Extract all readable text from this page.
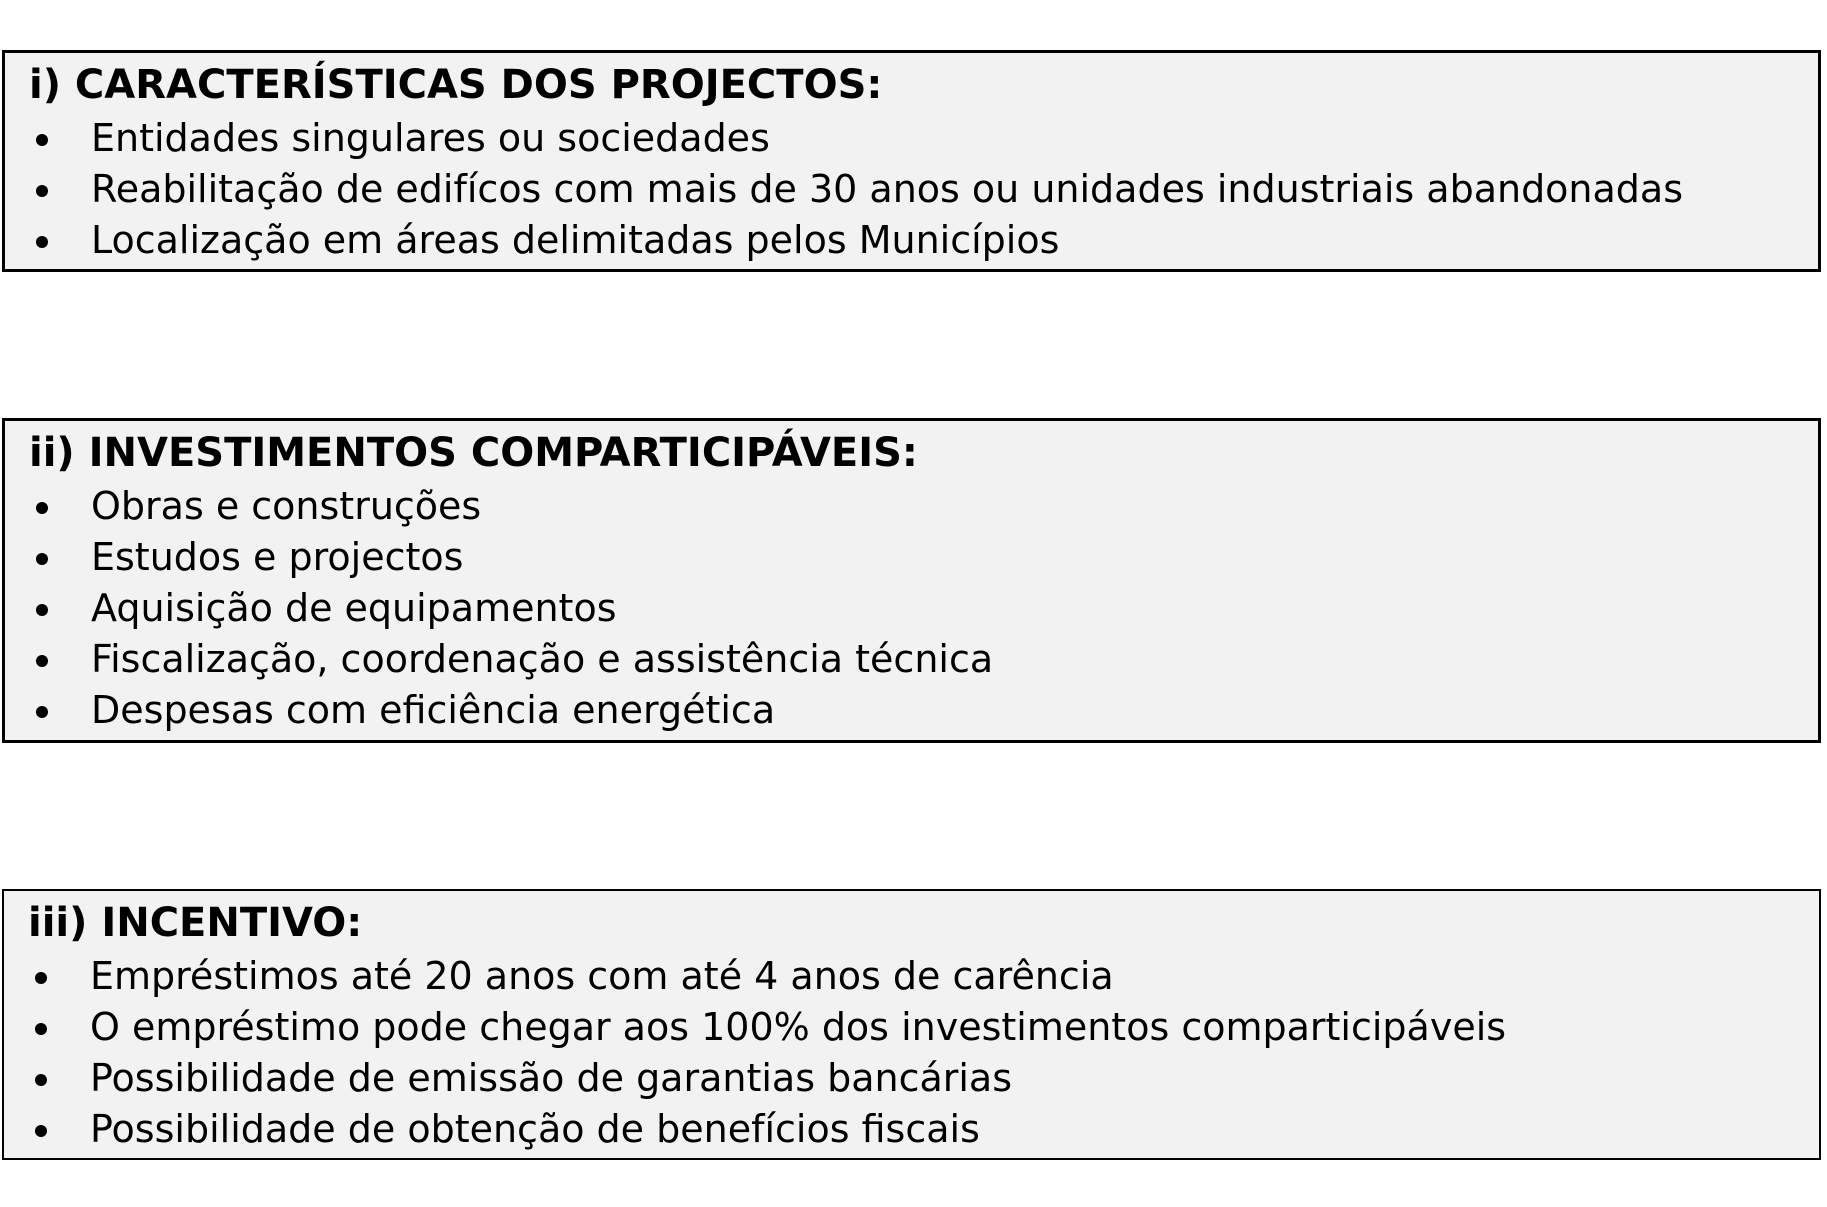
i) CARACTERÍSTICAS DOS PROJECTOS:
Entidades singulares ou sociedades
Reabilitação de edifícos com mais de 30 anos ou unidades industriais abandonadas
Localização em áreas delimitadas pelos Municípios
ii) INVESTIMENTOS COMPARTICIPÁVEIS:
Obras e construções
Estudos e projectos
Aquisição de equipamentos
Fiscalização, coordenação e assistência técnica
Despesas com eficiência energética
iii) INCENTIVO:
Empréstimos até 20 anos com até 4 anos de carência
O empréstimo pode chegar aos 100% dos investimentos comparticipáveis
Possibilidade de emissão de garantias bancárias
Possibilidade de obtenção de benefícios fiscais
